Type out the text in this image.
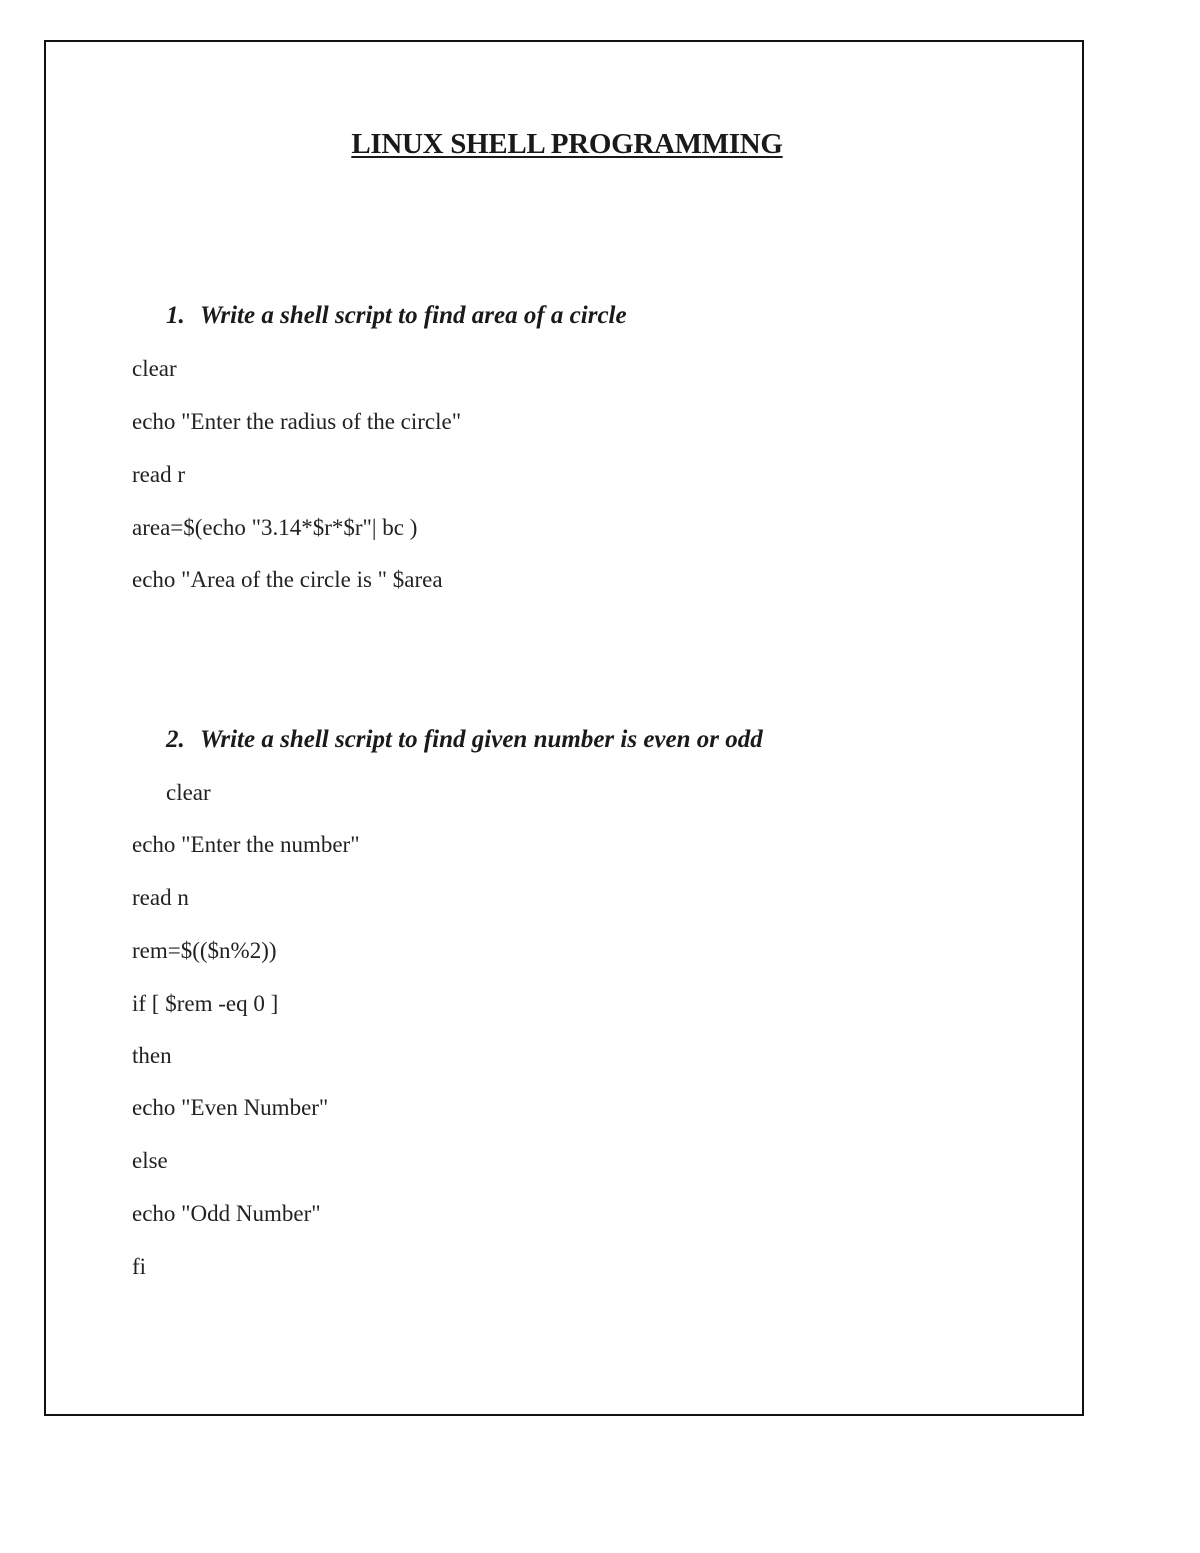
LINUX SHELL PROGRAMMING
1. Write a shell script to find area of a circle
clear
echo "Enter the radius of the circle"
read r
area=$(echo "3.14*$r*$r"| bc )
echo "Area of the circle is " $area
2. Write a shell script to find given number is even or odd
clear
echo "Enter the number"
read n
rem=$(($n%2))
if [ $rem -eq 0 ]
then
echo "Even Number"
else
echo "Odd Number"
fi
